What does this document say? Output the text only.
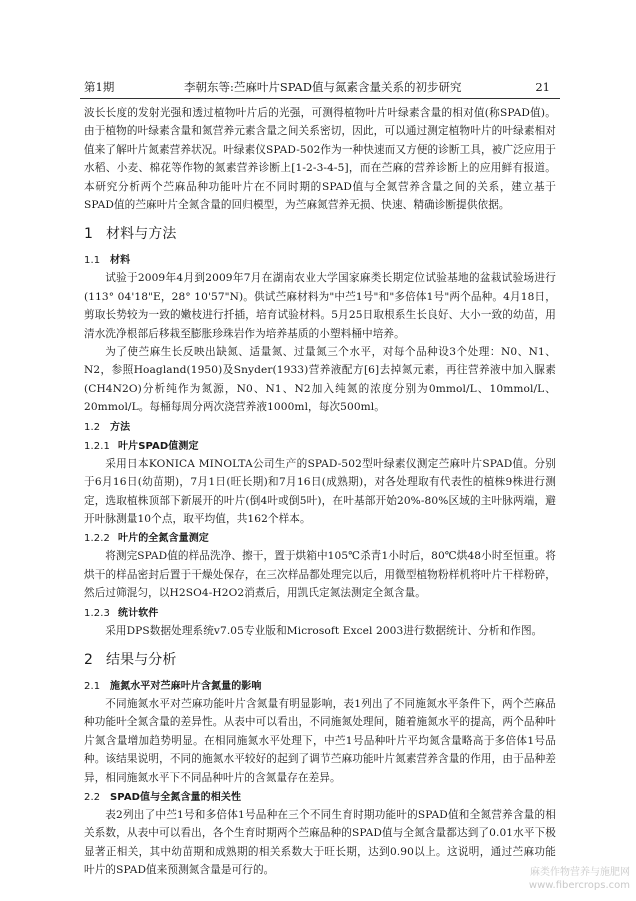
第1期	李朝东等:苎麻叶片SPAD值与氮素含量关系的初步研究	21

波长长度的发射光强和透过植物叶片后的光强，可测得植物叶片叶绿素含量的相对值(称SPAD值)。由于植物的叶绿素含量和氮营养元素含量之间关系密切，因此，可以通过测定植物叶片的叶绿素相对值来了解叶片氮素营养状况。叶绿素仪SPAD-502作为一种快速而又方便的诊断工具，被广泛应用于水稻、小麦、棉花等作物的氮素营养诊断上[1-2-3-4-5]，而在苎麻的营养诊断上的应用鲜有报道。本研究分析两个苎麻品种功能叶片在不同时期的SPAD值与全氮营养含量之间的关系，建立基于SPAD值的苎麻叶片全氮含量的回归模型，为苎麻氮营养无损、快速、精确诊断提供依据。

1 材料与方法
1.1 材料

试验于2009年4月到2009年7月在湖南农业大学国家麻类长期定位试验基地的盆栽试验场进行(113° 04'18"E，28° 10'57"N)。供试苎麻材料为"中苎1号"和"多倍体1号"两个品种。4月18日，剪取长势较为一致的嫩枝进行扦插，培育试验材料。5月25日取根系生长良好、大小一致的幼苗，用清水洗净根部后移栽至膨胀珍珠岩作为培养基质的小塑料桶中培养。

为了使苎麻生长反映出缺氮、适量氮、过量氮三个水平，对每个品种设3个处理：N0、N1、N2，参照Hoagland(1950)及Snyder(1933)营养液配方[6]去掉氮元素，再往营养液中加入脲素(CH4N2O)分析纯作为氮源，N0、N1、N2加入纯氮的浓度分别为0mmol/L、10mmol/L、20mmol/L。每桶每周分两次浇营养液1000ml，每次500ml。

1.2 方法
1.2.1 叶片SPAD值测定

采用日本KONICA MINOLTA公司生产的SPAD-502型叶绿素仪测定苎麻叶片SPAD值。分别于6月16日(幼苗期)，7月1日(旺长期)和7月16日(成熟期)，对各处理取有代表性的植株9株进行测定，选取植株顶部下新展开的叶片(倒4叶或倒5叶)，在叶基部开始20%-80%区域的主叶脉两端，避开叶脉测量10个点，取平均值，共162个样本。

1.2.2 叶片的全氮含量测定

将测完SPAD值的样品洗净、擦干，置于烘箱中105℃杀青1小时后，80℃烘48小时至恒重。将烘干的样品密封后置于干燥处保存，在三次样品都处理完以后，用微型植物粉样机将叶片干样粉碎，然后过筛混匀，以H2SO4-H2O2消煮后，用凯氏定氮法测定全氮含量。

1.2.3 统计软件

采用DPS数据处理系统v7.05专业版和Microsoft Excel 2003进行数据统计、分析和作图。

2 结果与分析
2.1 施氮水平对苎麻叶片含氮量的影响

不同施氮水平对苎麻功能叶片含氮量有明显影响，表1列出了不同施氮水平条件下，两个苎麻品种功能叶全氮含量的差异性。从表中可以看出，不同施氮处理间，随着施氮水平的提高，两个品种叶片氮含量增加趋势明显。在相同施氮水平处理下，中苎1号品种叶片平均氮含量略高于多倍体1号品种。该结果说明，不同的施氮水平较好的起到了调节苎麻功能叶片氮素营养含量的作用，由于品种差异，相同施氮水平下不同品种叶片的含氮量存在差异。

2.2 SPAD值与全氮含量的相关性

表2列出了中苎1号和多倍体1号品种在三个不同生育时期功能叶的SPAD值和全氮营养含量的相关系数，从表中可以看出，各个生育时期两个苎麻品种的SPAD值与全氮含量都达到了0.01水平下极显著正相关，其中幼苗期和成熟期的相关系数大于旺长期，达到0.90以上。这说明，通过苎麻功能叶片的SPAD值来预测氮含量是可行的。	麻类作物营养与施肥网
www.fibercrops.com
